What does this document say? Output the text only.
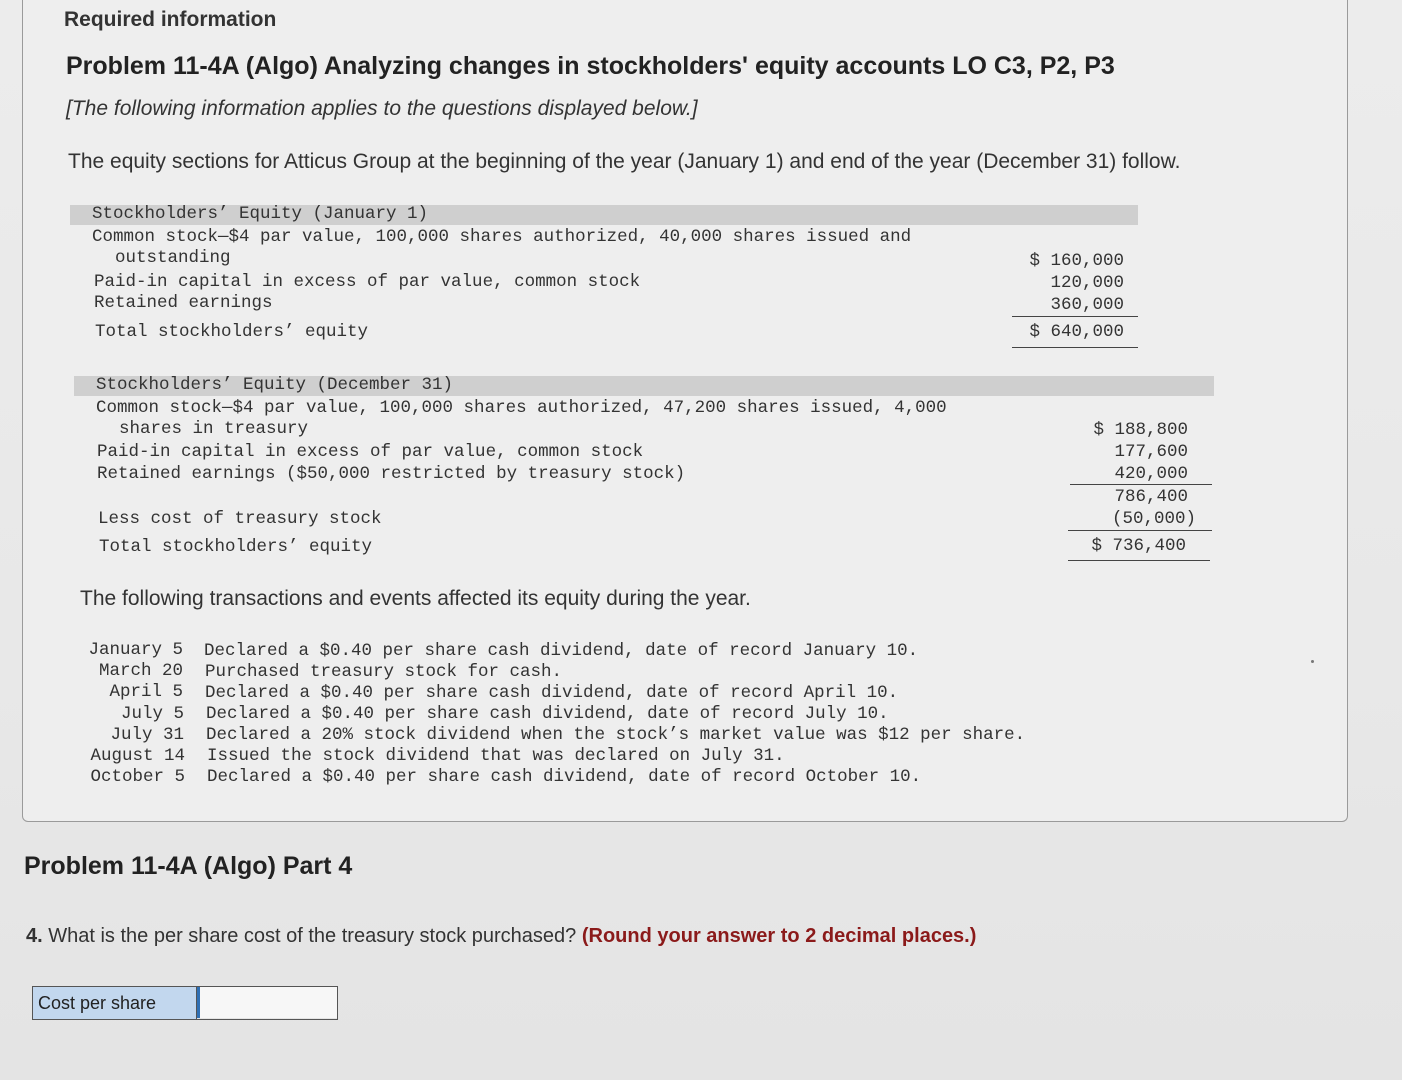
Required information
Problem 11-4A (Algo) Analyzing changes in stockholders' equity accounts LO C3, P2, P3
[The following information applies to the questions displayed below.]
The equity sections for Atticus Group at the beginning of the year (January 1) and end of the year (December 31) follow.
Stockholders’ Equity (January 1)
Common stock—$4 par value, 100,000 shares authorized, 40,000 shares issued and
outstanding	$ 160,000
Paid-in capital in excess of par value, common stock	120,000
Retained earnings	360,000
Total stockholders’ equity	$ 640,000
Stockholders’ Equity (December 31)
Common stock—$4 par value, 100,000 shares authorized, 47,200 shares issued, 4,000
shares in treasury	$ 188,800
Paid-in capital in excess of par value, common stock	177,600
Retained earnings ($50,000 restricted by treasury stock)	420,000
786,400
Less cost of treasury stock	(50,000)
Total stockholders’ equity	$ 736,400
The following transactions and events affected its equity during the year.
January 5 Declared a $0.40 per share cash dividend, date of record January 10.
March 20 Purchased treasury stock for cash.
April 5 Declared a $0.40 per share cash dividend, date of record April 10.
July 5 Declared a $0.40 per share cash dividend, date of record July 10.
July 31 Declared a 20% stock dividend when the stock’s market value was $12 per share.
August 14 Issued the stock dividend that was declared on July 31.
October 5 Declared a $0.40 per share cash dividend, date of record October 10.
Problem 11-4A (Algo) Part 4
4. What is the per share cost of the treasury stock purchased? (Round your answer to 2 decimal places.)
Cost per share
